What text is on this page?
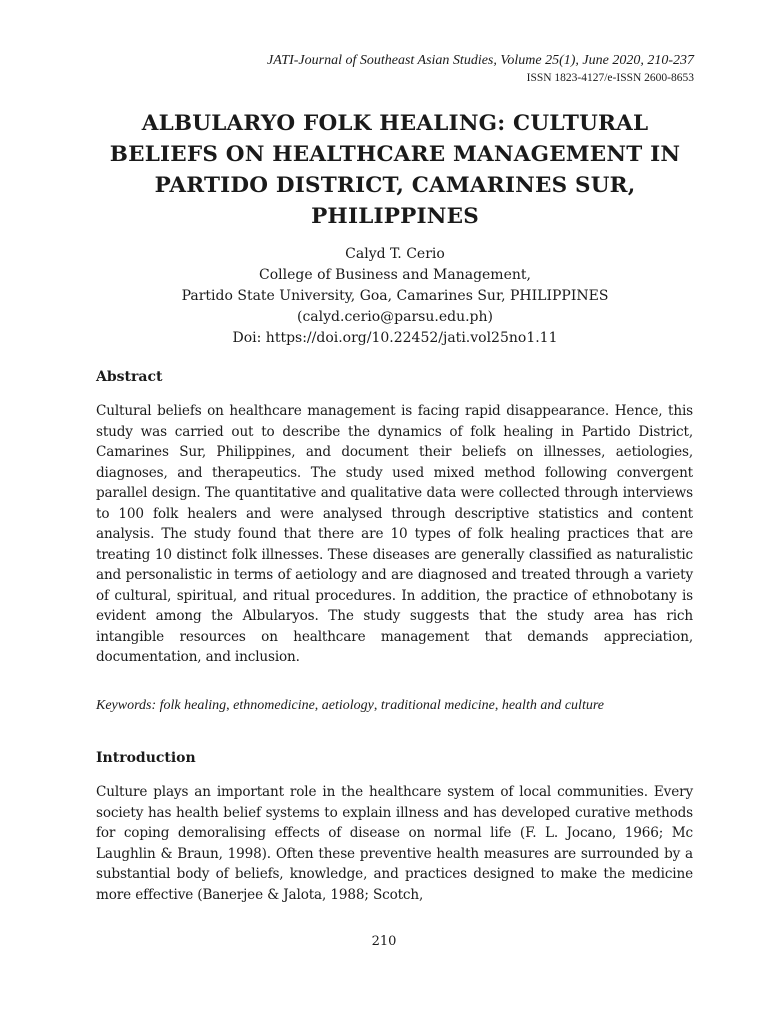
JATI-Journal of Southeast Asian Studies, Volume 25(1), June 2020, 210-237
ISSN 1823-4127/e-ISSN 2600-8653
ALBULARYO FOLK HEALING: CULTURAL BELIEFS ON HEALTHCARE MANAGEMENT IN PARTIDO DISTRICT, CAMARINES SUR, PHILIPPINES
Calyd T. Cerio
College of Business and Management,
Partido State University, Goa, Camarines Sur, PHILIPPINES
(calyd.cerio@parsu.edu.ph)
Doi: https://doi.org/10.22452/jati.vol25no1.11
Abstract
Cultural beliefs on healthcare management is facing rapid disappearance. Hence, this study was carried out to describe the dynamics of folk healing in Partido District, Camarines Sur, Philippines, and document their beliefs on illnesses, aetiologies, diagnoses, and therapeutics. The study used mixed method following convergent parallel design. The quantitative and qualitative data were collected through interviews to 100 folk healers and were analysed through descriptive statistics and content analysis. The study found that there are 10 types of folk healing practices that are treating 10 distinct folk illnesses. These diseases are generally classified as naturalistic and personalistic in terms of aetiology and are diagnosed and treated through a variety of cultural, spiritual, and ritual procedures. In addition, the practice of ethnobotany is evident among the Albularyos. The study suggests that the study area has rich intangible resources on healthcare management that demands appreciation, documentation, and inclusion.
Keywords: folk healing, ethnomedicine, aetiology, traditional medicine, health and culture
Introduction
Culture plays an important role in the healthcare system of local communities. Every society has health belief systems to explain illness and has developed curative methods for coping demoralising effects of disease on normal life (F. L. Jocano, 1966; Mc Laughlin & Braun, 1998). Often these preventive health measures are surrounded by a substantial body of beliefs, knowledge, and practices designed to make the medicine more effective (Banerjee & Jalota, 1988; Scotch,
210
